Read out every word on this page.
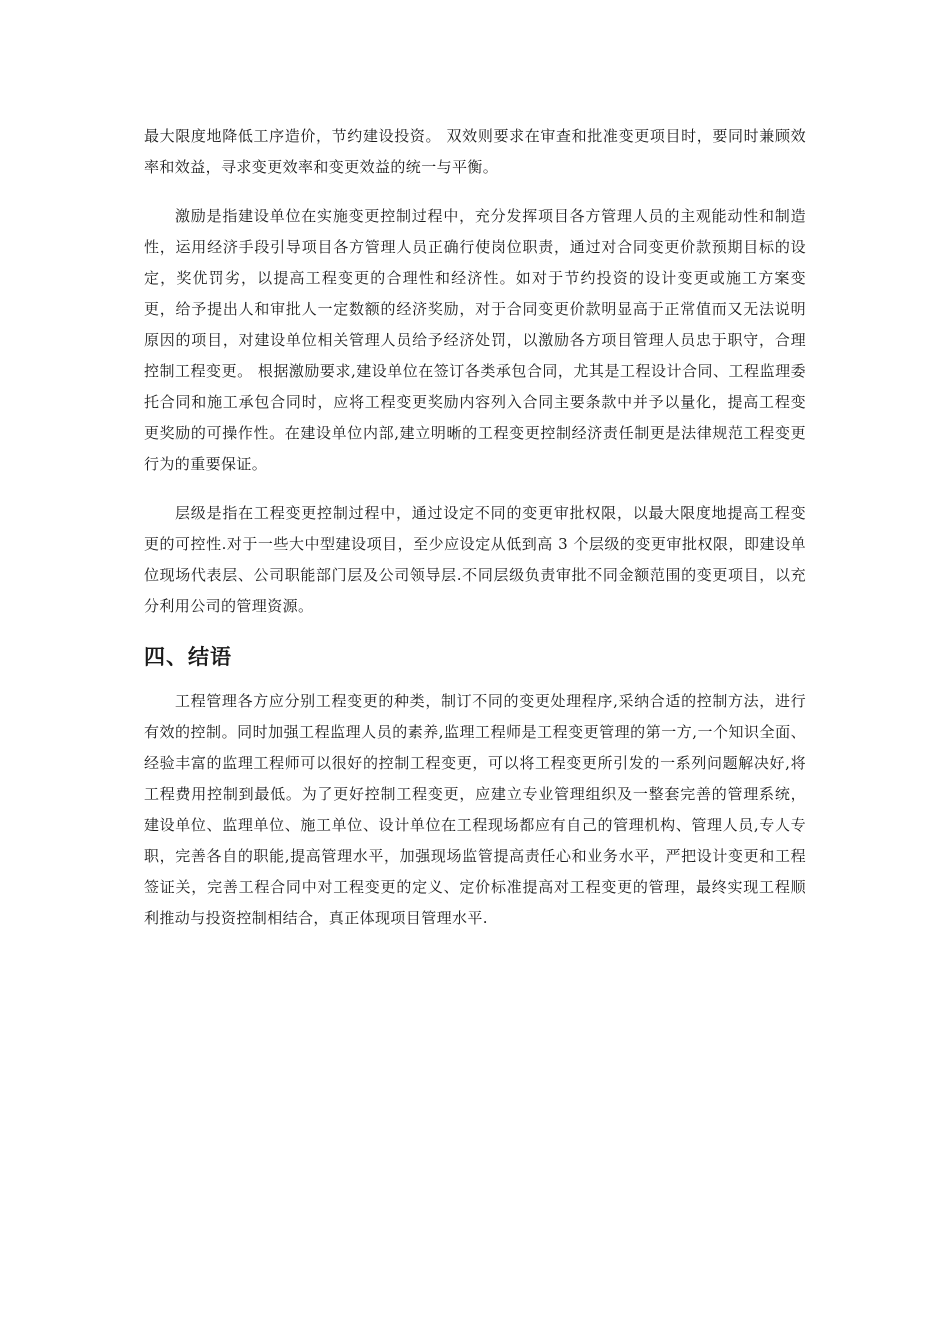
最大限度地降低工序造价，节约建设投资。 双效则要求在审查和批准变更项目时，要同时兼顾效率和效益，寻求变更效率和变更效益的统一与平衡。

激励是指建设单位在实施变更控制过程中，充分发挥项目各方管理人员的主观能动性和制造性，运用经济手段引导项目各方管理人员正确行使岗位职责，通过对合同变更价款预期目标的设定，奖优罚劣，以提高工程变更的合理性和经济性。如对于节约投资的设计变更或施工方案变更，给予提出人和审批人一定数额的经济奖励，对于合同变更价款明显高于正常值而又无法说明原因的项目，对建设单位相关管理人员给予经济处罚，以激励各方项目管理人员忠于职守，合理控制工程变更。 根据激励要求,建设单位在签订各类承包合同，尤其是工程设计合同、工程监理委托合同和施工承包合同时，应将工程变更奖励内容列入合同主要条款中并予以量化，提高工程变更奖励的可操作性。在建设单位内部,建立明晰的工程变更控制经济责任制更是法律规范工程变更行为的重要保证。

层级是指在工程变更控制过程中，通过设定不同的变更审批权限，以最大限度地提高工程变更的可控性.对于一些大中型建设项目，至少应设定从低到高 3 个层级的变更审批权限，即建设单位现场代表层、公司职能部门层及公司领导层.不同层级负责审批不同金额范围的变更项目，以充分利用公司的管理资源。

四、结语

工程管理各方应分别工程变更的种类，制订不同的变更处理程序,采纳合适的控制方法，进行有效的控制。同时加强工程监理人员的素养,监理工程师是工程变更管理的第一方,一个知识全面、经验丰富的监理工程师可以很好的控制工程变更，可以将工程变更所引发的一系列问题解决好,将工程费用控制到最低。为了更好控制工程变更，应建立专业管理组织及一整套完善的管理系统，建设单位、监理单位、施工单位、设计单位在工程现场都应有自己的管理机构、管理人员,专人专职，完善各自的职能,提高管理水平，加强现场监管提高责任心和业务水平，严把设计变更和工程签证关，完善工程合同中对工程变更的定义、定价标准提高对工程变更的管理，最终实现工程顺利推动与投资控制相结合，真正体现项目管理水平.
